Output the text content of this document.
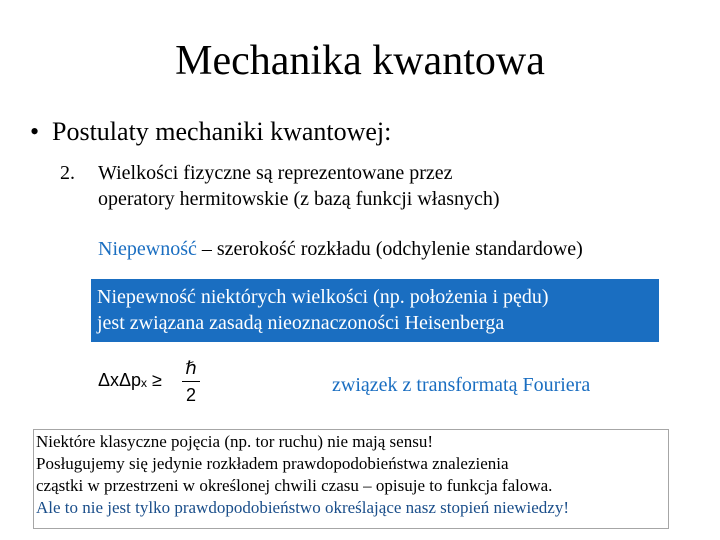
Mechanika kwantowa
• Postulaty mechaniki kwantowej:
2.	Wielkości fizyczne są reprezentowane przez
operatory hermitowskie (z bazą funkcji własnych)
Niepewność – szerokość rozkładu (odchylenie standardowe)
Niepewność niektórych wielkości (np. położenia i pędu)
jest związana zasadą nieoznaczoności Heisenberga
ΔxΔpₓ ≥
ℏ
2	związek z transformatą Fouriera
Niektóre klasyczne pojęcia (np. tor ruchu) nie mają sensu!
Posługujemy się jedynie rozkładem prawdopodobieństwa znalezienia
cząstki w przestrzeni w określonej chwili czasu – opisuje to funkcja falowa.
Ale to nie jest tylko prawdopodobieństwo określające nasz stopień niewiedzy!
